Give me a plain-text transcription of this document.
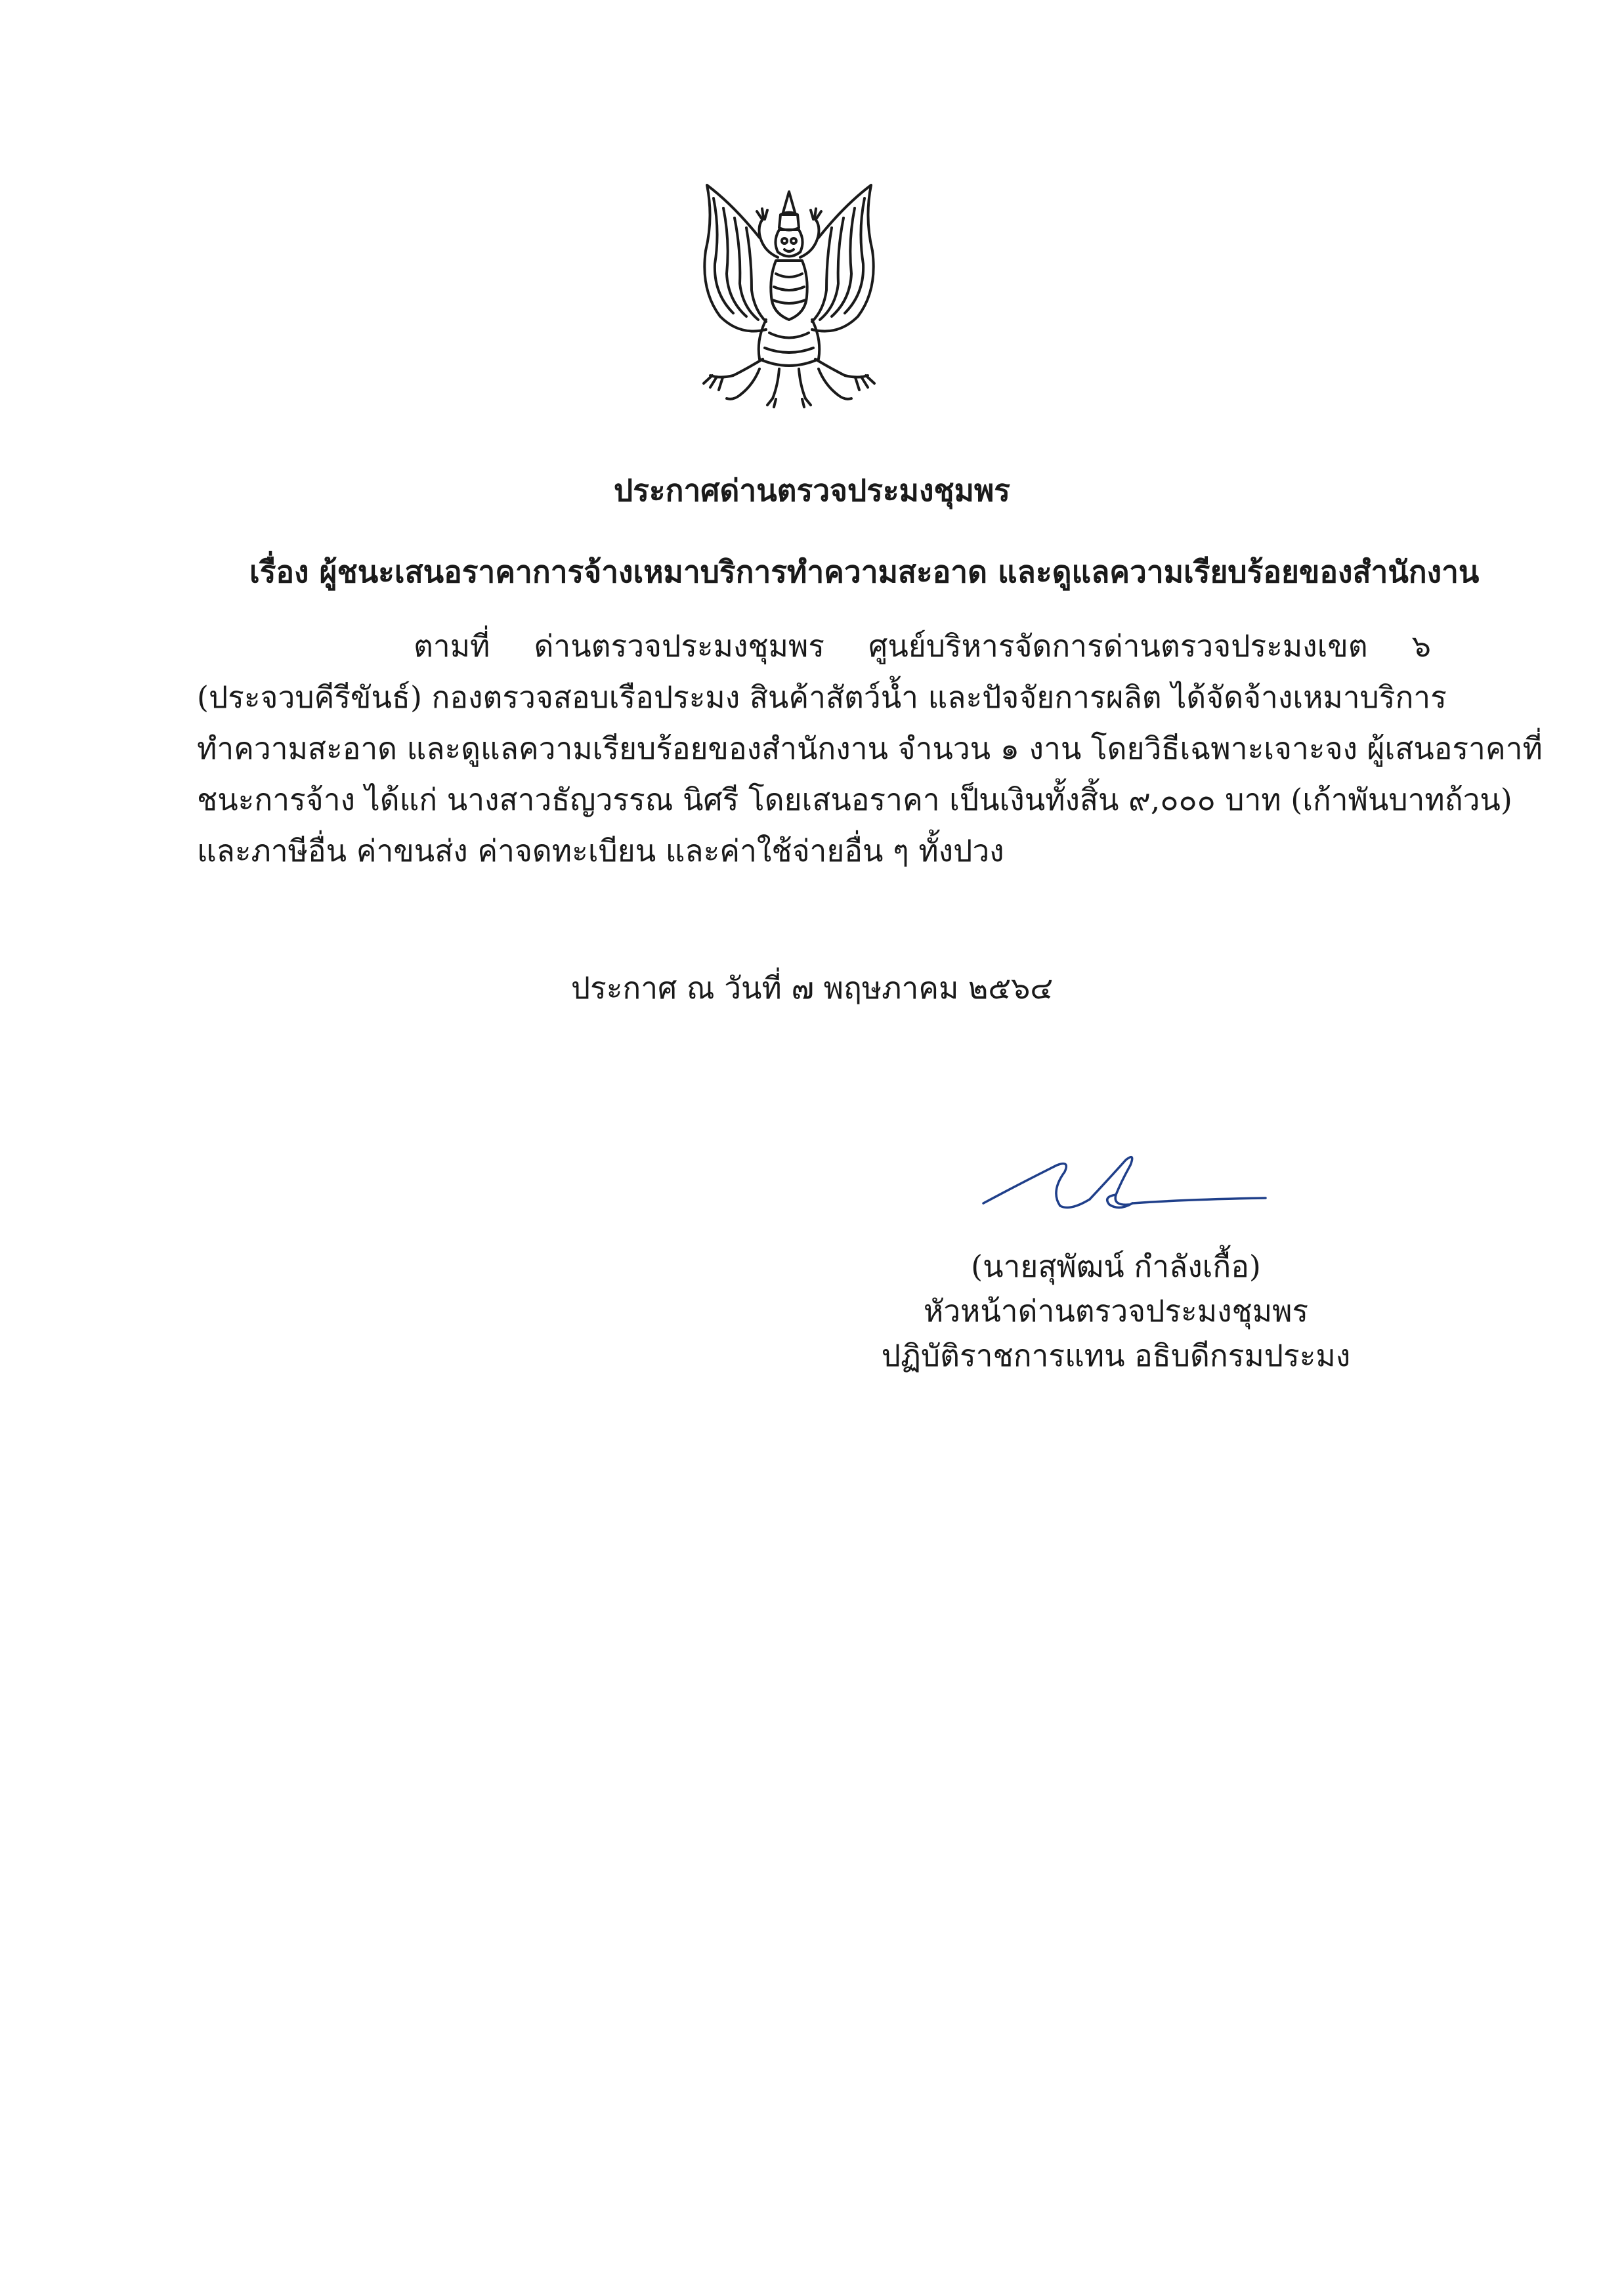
ประกาศด่านตรวจประมงชุมพร

เรื่อง ผู้ชนะเสนอราคาการจ้างเหมาบริการทำความสะอาด และดูแลความเรียบร้อยของสำนักงาน

ตามที่ ด่านตรวจประมงชุมพร ศูนย์บริหารจัดการด่านตรวจประมงเขต ๖
(ประจวบคีรีขันธ์) กองตรวจสอบเรือประมง สินค้าสัตว์น้ำ และปัจจัยการผลิต ได้จัดจ้างเหมาบริการ
ทำความสะอาด และดูแลความเรียบร้อยของสำนักงาน จำนวน ๑ งาน โดยวิธีเฉพาะเจาะจง ผู้เสนอราคาที่
ชนะการจ้าง ได้แก่ นางสาวธัญวรรณ นิศรี โดยเสนอราคา เป็นเงินทั้งสิ้น ๙,๐๐๐ บาท (เก้าพันบาทถ้วน)
และภาษีอื่น ค่าขนส่ง ค่าจดทะเบียน และค่าใช้จ่ายอื่น ๆ ทั้งปวง

ประกาศ ณ วันที่ ๗ พฤษภาคม ๒๕๖๔

(นายสุพัฒน์ กำลังเกื้อ)
หัวหน้าด่านตรวจประมงชุมพร
ปฏิบัติราชการแทน อธิบดีกรมประมง
